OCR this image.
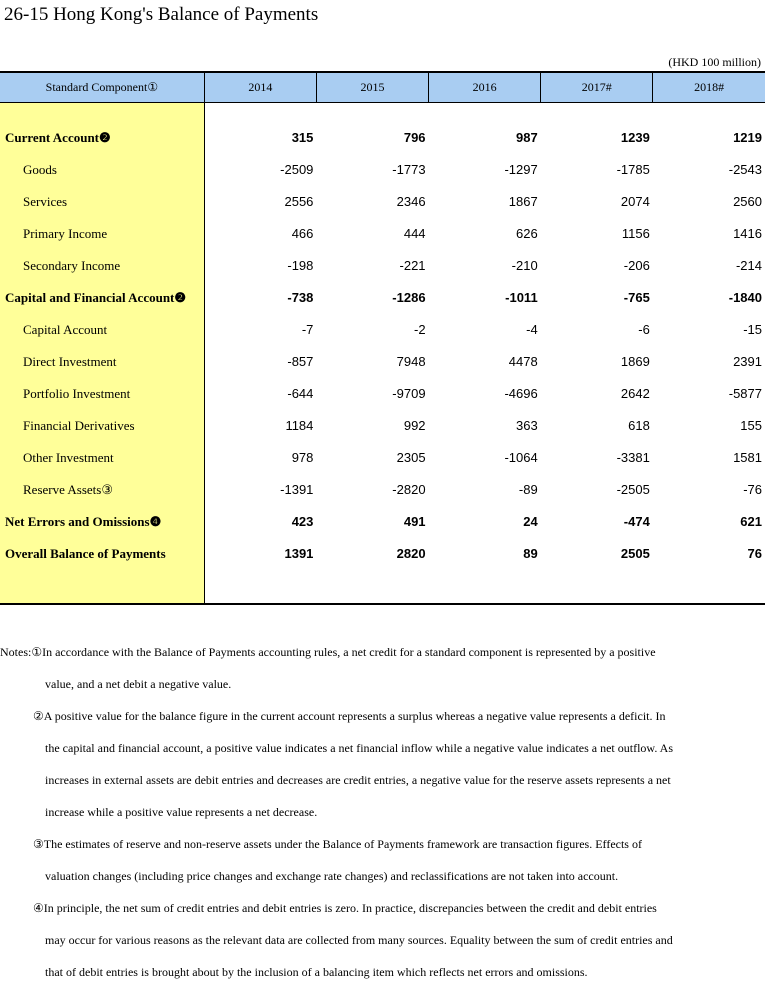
26-15 Hong Kong's Balance of Payments
(HKD 100 million)
Standard Component①	2014	2015	2016	2017#	2018#

Current Account❷	315	796	987	1239	1219
Goods	-2509	-1773	-1297	-1785	-2543
Services	2556	2346	1867	2074	2560
Primary Income	466	444	626	1156	1416
Secondary Income	-198	-221	-210	-206	-214
Capital and Financial Account❷	-738	-1286	-1011	-765	-1840
Capital Account	-7	-2	-4	-6	-15
Direct Investment	-857	7948	4478	1869	2391
Portfolio Investment	-644	-9709	-4696	2642	-5877
Financial Derivatives	1184	992	363	618	155
Other Investment	978	2305	-1064	-3381	1581
Reserve Assets③	-1391	-2820	-89	-2505	-76
Net Errors and Omissions❹	423	491	24	-474	621
Overall Balance of Payments	1391	2820	89	2505	76

Notes:①In accordance with the Balance of Payments accounting rules, a net credit for a standard component is represented by a positive
value, and a net debit a negative value.
②A positive value for the balance figure in the current account represents a surplus whereas a negative value represents a deficit. In
the capital and financial account, a positive value indicates a net financial inflow while a negative value indicates a net outflow. As
increases in external assets are debit entries and decreases are credit entries, a negative value for the reserve assets represents a net
increase while a positive value represents a net decrease.
③The estimates of reserve and non-reserve assets under the Balance of Payments framework are transaction figures. Effects of
valuation changes (including price changes and exchange rate changes) and reclassifications are not taken into account.
④In principle, the net sum of credit entries and debit entries is zero. In practice, discrepancies between the credit and debit entries
may occur for various reasons as the relevant data are collected from many sources. Equality between the sum of credit entries and
that of debit entries is brought about by the inclusion of a balancing item which reflects net errors and omissions.
